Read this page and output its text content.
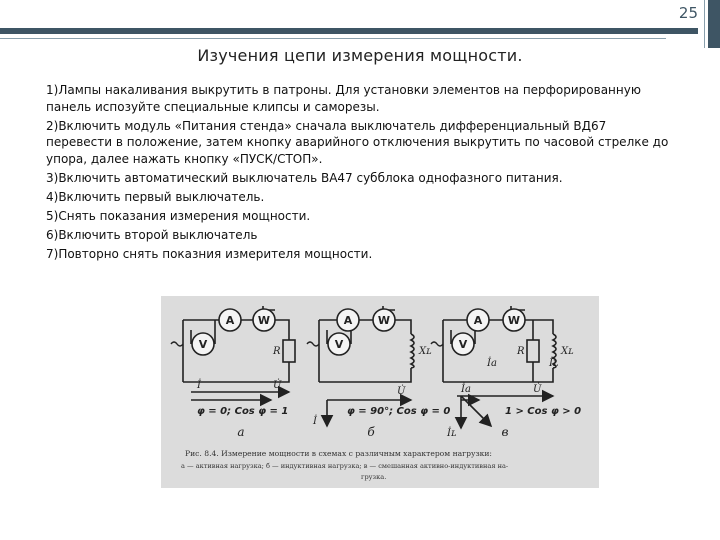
25
Изучения цепи измерения мощности.

1)Лампы накаливания выкрутить в патроны. Для установки элементов на перфорированную панель испозуйте специальные клипсы и саморезы.

2)Включить модуль «Питания стенда» сначала выключатель дифференциальный ВД67 перевести в положение, затем кнопку аварийного отключения выкрутить по часовой стрелке до упора, далее нажать кнопку «ПУСК/СТОП».

3)Включить автоматический выключатель ВА47 субблока однофазного питания.

4)Включить первый выключатель.

5)Снять показания измерения мощности.

6)Включить второй выключатель

7)Повторно снять показния измерителя мощности.

A W
V
A W
V
A W
V
R	Xʟ	R	Xʟ
İ	U̇
U̇
İ
İa	İʟ
İa	U̇
İʟ
φ = 0; Cos φ = 1	φ = 90°; Cos φ = 0	1 > Cos φ > 0
а	б	в
Рис. 8.4. Измерение мощности в схемах с различным характером нагрузки:
а — активная нагрузка; б — индуктивная нагрузка; в — смешанная активно-индуктивная на-
грузка.
